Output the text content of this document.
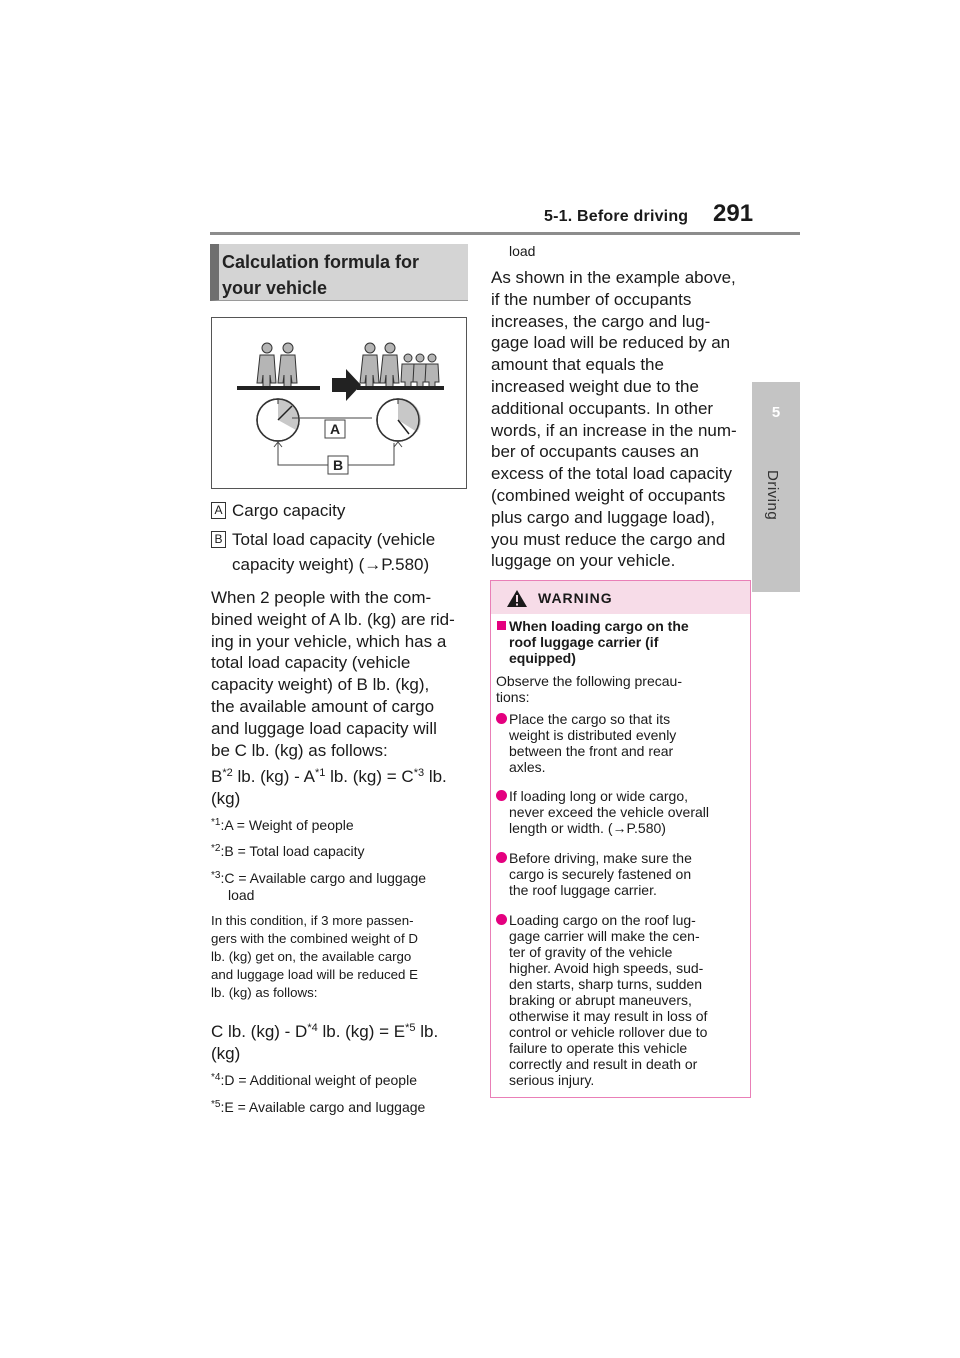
5-1. Before driving 291
5
Driving
Calculation formula for
your vehicle
A
B
A Cargo capacity
B Total load capacity (vehicle capacity weight) (→P.580)
When 2 people with the com-
bined weight of A lb. (kg) are rid-
ing in your vehicle, which has a
total load capacity (vehicle
capacity weight) of B lb. (kg),
the available amount of cargo
and luggage load capacity will
be C lb. (kg) as follows:
$B^{*2}$ lb. $(kg) - A^{*1}$ lb. $(kg) = C^{*3}$ lb.
(kg)
$^{*1}$:A = Weight of people
$^{*2}$:B = Total load capacity
$^{*3}$:C = Available cargo and luggage
load
In this condition, if 3 more passen-
gers with the combined weight of D
lb. (kg) get on, the available cargo
and luggage load will be reduced E
lb. (kg) as follows:
C lb. $(kg) - D^{*4}$ lb. $(kg) = E^{*5}$ lb.
(kg)
$^{*4}$:D = Additional weight of people
$^{*5}$:E = Available cargo and luggage
load
As shown in the example above,
if the number of occupants
increases, the cargo and lug-
gage load will be reduced by an
amount that equals the
increased weight due to the
additional occupants. In other
words, if an increase in the num-
ber of occupants causes an
excess of the total load capacity
(combined weight of occupants
plus cargo and luggage load),
you must reduce the cargo and
luggage on your vehicle.
WARNING
When loading cargo on the
roof luggage carrier (if
equipped)
Observe the following precau-
tions:
Place the cargo so that its
weight is distributed evenly
between the front and rear
axles.
If loading long or wide cargo,
never exceed the vehicle overall
length or width. (→P.580)
Before driving, make sure the
cargo is securely fastened on
the roof luggage carrier.
Loading cargo on the roof lug-
gage carrier will make the cen-
ter of gravity of the vehicle
higher. Avoid high speeds, sud-
den starts, sharp turns, sudden
braking or abrupt maneuvers,
otherwise it may result in loss of
control or vehicle rollover due to
failure to operate this vehicle
correctly and result in death or
serious injury.
